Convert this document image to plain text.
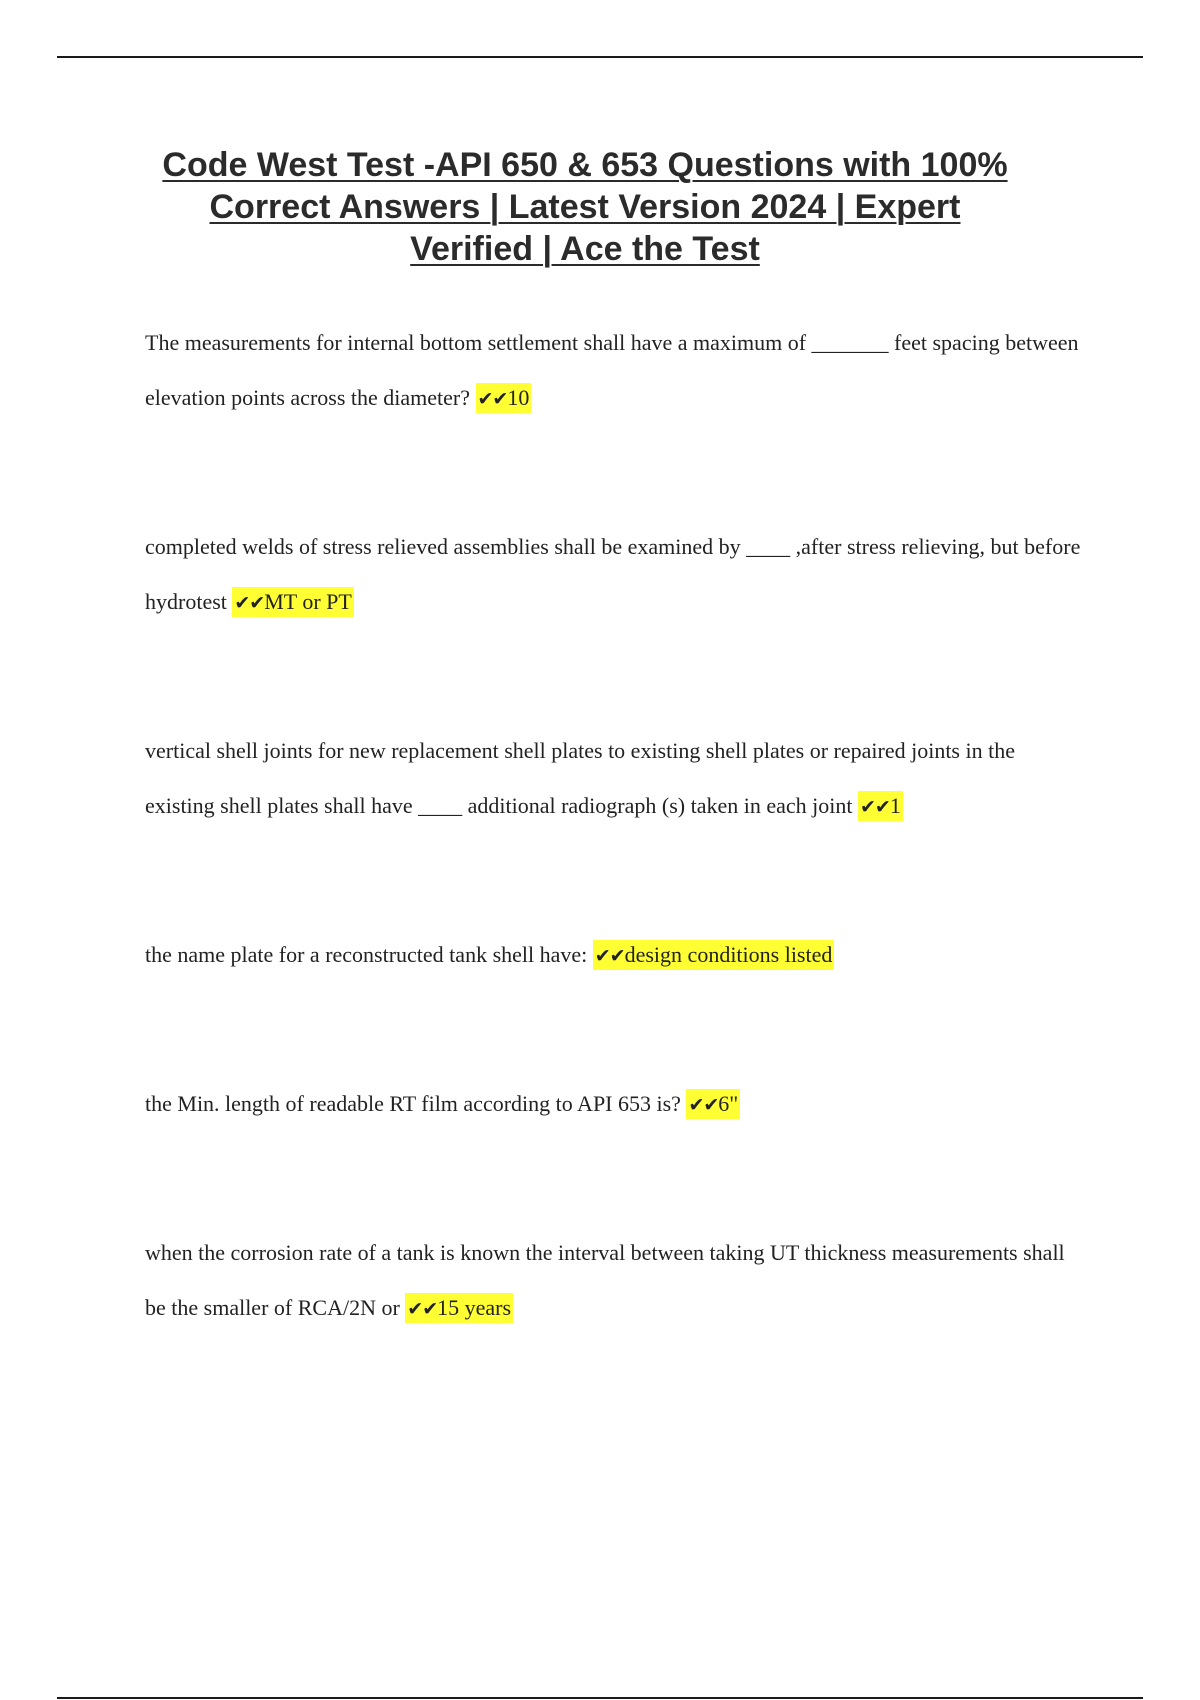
Code West Test -API 650 & 653 Questions with 100% Correct Answers | Latest Version 2024 | Expert Verified | Ace the Test

The measurements for internal bottom settlement shall have a maximum of _______ feet spacing between elevation points across the diameter? ✔✔10

completed welds of stress relieved assemblies shall be examined by ____ ,after stress relieving, but before hydrotest ✔✔MT or PT

vertical shell joints for new replacement shell plates to existing shell plates or repaired joints in the existing shell plates shall have ____ additional radiograph (s) taken in each joint ✔✔1

the name plate for a reconstructed tank shell have: ✔✔design conditions listed

the Min. length of readable RT film according to API 653 is? ✔✔6"

when the corrosion rate of a tank is known the interval between taking UT thickness measurements shall be the smaller of RCA/2N or ✔✔15 years
